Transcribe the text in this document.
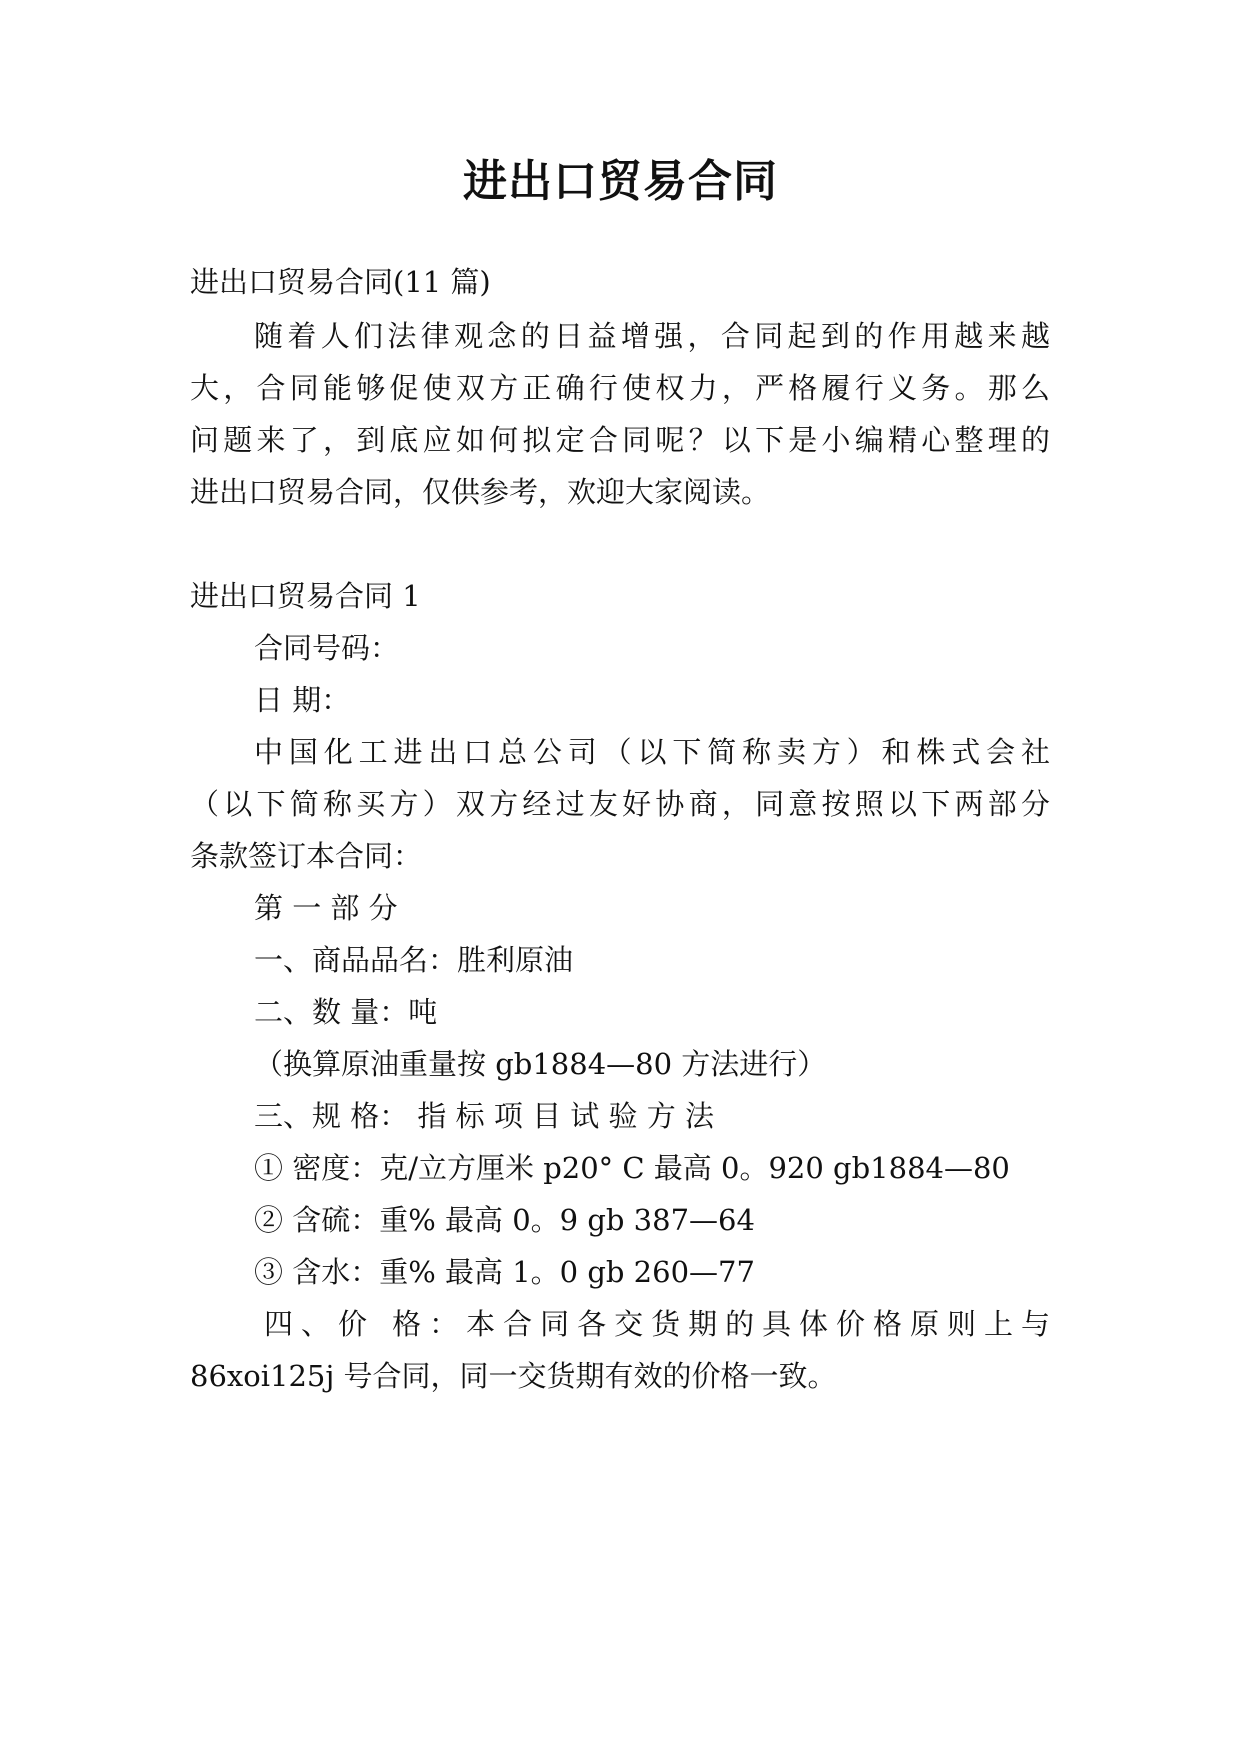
进出口贸易合同
进出口贸易合同(11 篇)
随着人们法律观念的日益增强，合同起到的作用越来越
大，合同能够促使双方正确行使权力，严格履行义务。那么
问题来了，到底应如何拟定合同呢？以下是小编精心整理的
进出口贸易合同，仅供参考，欢迎大家阅读。
进出口贸易合同 1
合同号码：
日 期：
中国化工进出口总公司（以下简称卖方）和株式会社
（以下简称买方）双方经过友好协商，同意按照以下两部分
条款签订本合同：
第 一 部 分
一、商品品名：胜利原油
二、数 量：吨
（换算原油重量按 gb1884—80 方法进行）
三、规 格： 指 标 项 目 试 验 方 法
① 密度：克/立方厘米 p20° C 最高 0。920 gb1884—80
② 含硫：重% 最高 0。9 gb 387—64
③ 含水：重% 最高 1。0 gb 260—77
四、价 格：本合同各交货期的具体价格原则上与
86xoi125j 号合同，同一交货期有效的价格一致。
